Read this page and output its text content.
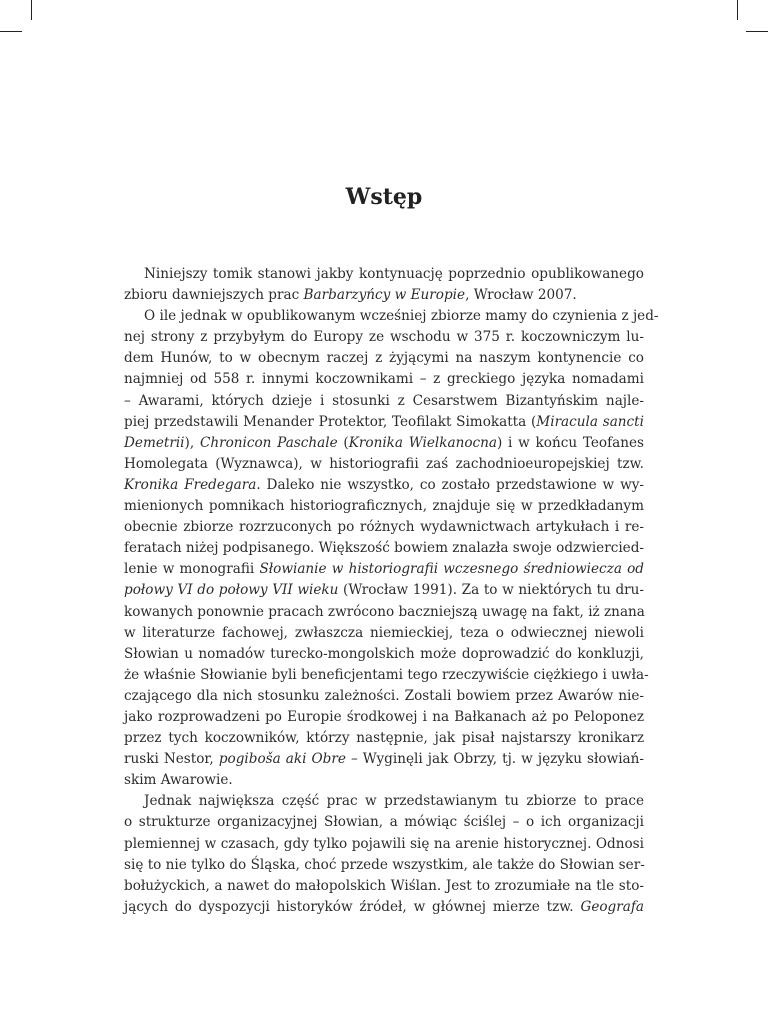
Wstęp
Niniejszy tomik stanowi jakby kontynuację poprzednio opublikowanego
zbioru dawniejszych prac Barbarzyńcy w Europie, Wrocław 2007.
O ile jednak w opublikowanym wcześniej zbiorze mamy do czynienia z jed-
nej strony z przybyłym do Europy ze wschodu w 375 r. koczowniczym lu-
dem Hunów, to w obecnym raczej z żyjącymi na naszym kontynencie co
najmniej od 558 r. innymi koczownikami – z greckiego języka nomadami
– Awarami, których dzieje i stosunki z Cesarstwem Bizantyńskim najle-
piej przedstawili Menander Protektor, Teofilakt Simokatta (Miracula sancti
Demetrii), Chronicon Paschale (Kronika Wielkanocna) i w końcu Teofanes
Homolegata (Wyznawca), w historiografii zaś zachodnioeuropejskiej tzw.
Kronika Fredegara. Daleko nie wszystko, co zostało przedstawione w wy-
mienionych pomnikach historiograficznych, znajduje się w przedkładanym
obecnie zbiorze rozrzuconych po różnych wydawnictwach artykułach i re-
feratach niżej podpisanego. Większość bowiem znalazła swoje odzwiercied-
lenie w monografii Słowianie w historiografii wczesnego średniowiecza od
połowy VI do połowy VII wieku (Wrocław 1991). Za to w niektórych tu dru-
kowanych ponownie pracach zwrócono baczniejszą uwagę na fakt, iż znana
w literaturze fachowej, zwłaszcza niemieckiej, teza o odwiecznej niewoli
Słowian u nomadów turecko-mongolskich może doprowadzić do konkluzji,
że właśnie Słowianie byli beneficjentami tego rzeczywiście ciężkiego i uwła-
czającego dla nich stosunku zależności. Zostali bowiem przez Awarów nie-
jako rozprowadzeni po Europie środkowej i na Bałkanach aż po Peloponez
przez tych koczowników, którzy następnie, jak pisał najstarszy kronikarz
ruski Nestor, pogiboša aki Obre – Wyginęli jak Obrzy, tj. w języku słowiań-
skim Awarowie.
Jednak największa część prac w przedstawianym tu zbiorze to prace
o strukturze organizacyjnej Słowian, a mówiąc ściślej – o ich organizacji
plemiennej w czasach, gdy tylko pojawili się na arenie historycznej. Odnosi
się to nie tylko do Śląska, choć przede wszystkim, ale także do Słowian ser-
bołużyckich, a nawet do małopolskich Wiślan. Jest to zrozumiałe na tle sto-
jących do dyspozycji historyków źródeł, w głównej mierze tzw. Geografa
